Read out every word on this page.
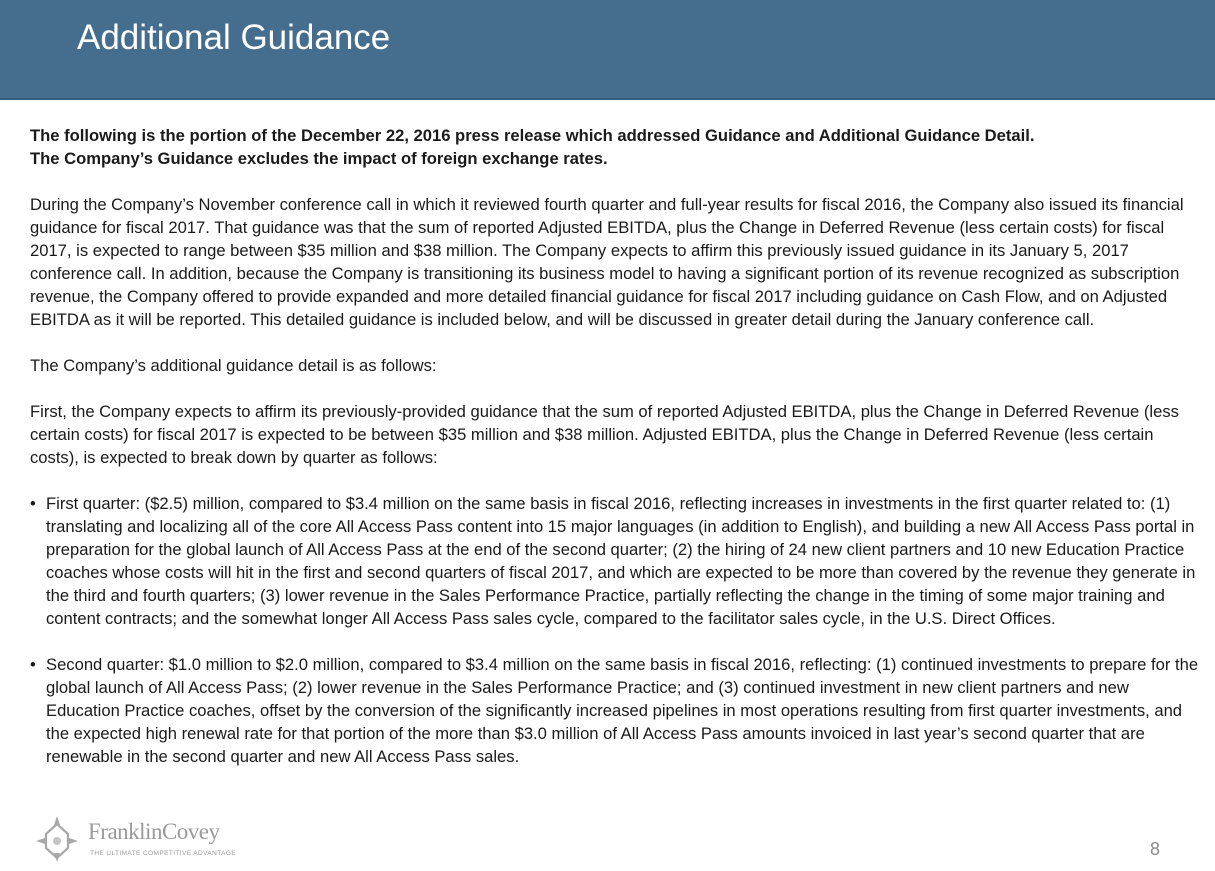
Additional Guidance

The following is the portion of the December 22, 2016 press release which addressed Guidance and Additional Guidance Detail.
The Company’s Guidance excludes the impact of foreign exchange rates.

During the Company’s November conference call in which it reviewed fourth quarter and full-year results for fiscal 2016, the Company also issued its financial guidance for fiscal 2017. That guidance was that the sum of reported Adjusted EBITDA, plus the Change in Deferred Revenue (less certain costs) for fiscal 2017, is expected to range between $35 million and $38 million. The Company expects to affirm this previously issued guidance in its January 5, 2017 conference call. In addition, because the Company is transitioning its business model to having a significant portion of its revenue recognized as subscription revenue, the Company offered to provide expanded and more detailed financial guidance for fiscal 2017 including guidance on Cash Flow, and on Adjusted EBITDA as it will be reported. This detailed guidance is included below, and will be discussed in greater detail during the January conference call.

The Company’s additional guidance detail is as follows:

First, the Company expects to affirm its previously-provided guidance that the sum of reported Adjusted EBITDA, plus the Change in Deferred Revenue (less certain costs) for fiscal 2017 is expected to be between $35 million and $38 million. Adjusted EBITDA, plus the Change in Deferred Revenue (less certain costs), is expected to break down by quarter as follows:

• First quarter: ($2.5) million, compared to $3.4 million on the same basis in fiscal 2016, reflecting increases in investments in the first quarter related to: (1) translating and localizing all of the core All Access Pass content into 15 major languages (in addition to English), and building a new All Access Pass portal in preparation for the global launch of All Access Pass at the end of the second quarter; (2) the hiring of 24 new client partners and 10 new Education Practice coaches whose costs will hit in the first and second quarters of fiscal 2017, and which are expected to be more than covered by the revenue they generate in the third and fourth quarters; (3) lower revenue in the Sales Performance Practice, partially reflecting the change in the timing of some major training and content contracts; and the somewhat longer All Access Pass sales cycle, compared to the facilitator sales cycle, in the U.S. Direct Offices.
• Second quarter: $1.0 million to $2.0 million, compared to $3.4 million on the same basis in fiscal 2016, reflecting: (1) continued investments to prepare for the global launch of All Access Pass; (2) lower revenue in the Sales Performance Practice; and (3) continued investment in new client partners and new Education Practice coaches, offset by the conversion of the significantly increased pipelines in most operations resulting from first quarter investments, and the expected high renewal rate for that portion of the more than $3.0 million of All Access Pass amounts invoiced in last year’s second quarter that are renewable in the second quarter and new All Access Pass sales.
FranklinCovey
THE ULTIMATE COMPETITIVE ADVANTAGE	8
